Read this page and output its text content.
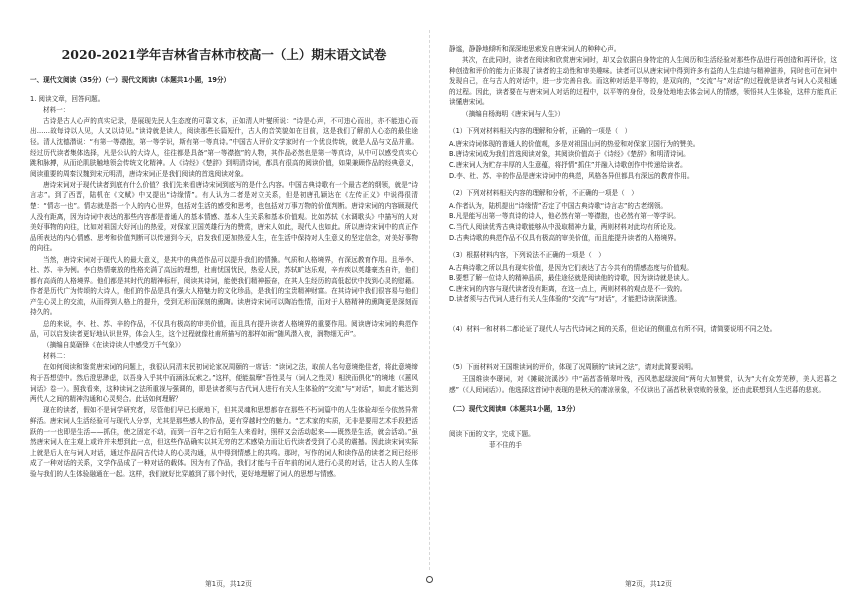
2020-2021学年吉林省吉林市校高一（上）期末语文试卷

一、现代文阅读（35分）（一）现代文阅读Ⅰ（本题共1小题，19分）

1. 阅读文章，回答问题。

材料一：

古诗是古人心声的真实记录，是展现先民人生态度的可靠文本，正如清人叶燮所说：“诗是心声，不可违心而出，亦不能违心而出……故每诗以人见，人又以诗见。”读诗就是读人，阅读那些长篇短什，古人的音笑貌如在目前，这是我们了解前人心态的最佳途径。清人沈德潜说：“有第一等襟抱，第一等学识，斯有第一等真诗。”中国古人评价文学家时有一个优良传统，就是人品与文品并重。经过历代读者集体选择，凡是公认的大诗人，往往都是具备“第一等襟抱”的人物，其作品必然也是第一等真诗，从中可以感受真实心跳和脉搏，从而论肌肤触地领会传统文化精神。人《诗经》《楚辞》到明清诗词，都具有很高的阅读价值，如果兼顾作品的经典意义，阅读重要的周秦汉魏到宋元明清，唐诗宋词正是我们阅读的首选阅读对象。

唐诗宋词对于现代读者到底有什么价值？我们先来看唐诗宋词到底写的是什么内容。中国古典诗歌有一个最古老的纲领，就是“诗言志”。到了西晋，陆机在《文赋》中又提出“诗缘情”。有人认为二者是对立关系，但是初唐孔颖达在《左传正义》中说得很清楚：“情志一也”。情志就是指一个人的内心世界，包括对生活的感受和思考，也包括对万事万物的价值判断。唐诗宋词的内容顾现代人没有距离，因为诗词中表达的那些内容都是普通人的基本情感、基本人生关系和基本价值观。比如苏轼《水调歌头》中描写的人对美好事物的向往，比如对祖国大好河山的热爱，对保家卫国英雄行为的赞赏，唐宋人如此，现代人也如此。所以唐诗宋词中的真正作品所表达的内心情感、思考和价值判断可以传递到今天，启发我们更加热爱人生，在生活中保持对人生意义的坚定信念，对美好事物的向往。

当然，唐诗宋词对于现代人的最大意义，是其中的典范作品可以提升我们的情操。气质和人格境界，有深远教育作用。且举李、杜、苏、辛为例。李白热情豪放的性格充满了高远的理想，杜甫忧国忧民，热爱人民，苏轼旷达乐观，辛弃疾以英雄豪杰自许，他们都有高尚的人格境界。他们都是其时代的精神标杆，阅读其诗词，能使我们精神振奋，在其人生经历的高低起伏中找到心灵的慰藉。作者是历代广为传颂的大诗人，他们的作品是具有强大人格魅力的文化珍品，是我们的宝贵精神财富。在其诗词中我们很容易与他们产生心灵上的交流，从而得到人格上的提升，受到无形而深刻的熏陶。读唐诗宋词可以陶冶性情，而对于人格精神的熏陶更是深刻而持久的。

总的来说，李、杜、苏、辛的作品，不仅具有极高的审美价值，而且具有提升读者人格境界的重要作用。阅读唐诗宋词的典范作品，可以启发读者更好地认识世界，体会人生，这个过程就像杜甫所描写的那样如雨“随风潜入夜，润物细无声”。

（摘编自莫砺锋《在读诗读人中感受万千气象》）

材料二：

在如何阅读和鉴赏唐宋词的问题上，我很认同清末民初词论家况周颐的一席话：“读词之法，取前人名句意境绝佳者，将此意境缔构于吾想望中。然后澄思渺虑，以吾身入乎其中而涵泳玩索之。”这样，便能揣摩“吾性灵与（词人之性灵）相浃而俱化”的境地（《蕙风词话》卷一）。照我看来，这种读词之法所重视与强调的，即是读者须与古代词人进行有关人生体验的“交流”与“对话”，如此才能达到两代人之间的精神沟通和心灵契合。此话如何理解？

现在的读者，假如不是词学研究者，尽管他们早已长眠地下，但其灵魂和思想都存在那些不朽词篇中的人生体验却至今依然异常鲜活。唐宋词人生活经验可与现代人分享，尤其是那些感人的作品，更有穿越时空的魅力。“艺术家的实质，无非是要用艺术手段把活跃的一一也即是生活——抓住，使之固定不动，而到一百年之后有陌生人来看时，照样又会活动起来——既然是生活，就会活动。”虽然唐宋词人在主观上或许并未想到此一点，但这些作品确实以其无穷的艺术感染力而让后代读者受到了心灵的震撼。因此读宋词实际上就是后人在与词人对话，通过作品同古代诗人的心灵沟通，从中得到情感上的共鸣。那时，写作的词人和读作品的读者之间已经形成了一种对话的关系，文学作品成了一种对话的载体。因为有了作品，我们才能与千百年前的词人进行心灵的对话，让古人的人生体验与我们的人生体验融通在一起。这样，我们就好比穿越到了那个时代，更好地理解了词人的思想与情感。

静谧，静静地倾听和深深地思索发自唐宋词人的种种心声。

其次，在此同时，读者在阅读和欣赏唐宋词时，却又会依据自身特定的人生阅历和生活经验对那些作品进行再创造和再评价，这种创造和评价的能力正体现了读者的主动性和审美趣味。读者可以从唐宋词中得到许多有益的人生启迪与精神滋养，同时也可在词中发现自己，在与古人的对话中，进一步完善自我。而这种对话是平等的，是双向的，“交流”与“对话”的过程就是读者与词人心灵相通的过程。因此，读者要在与唐宋词人对话的过程中，以平等的身份，设身处地地去体会词人的情感，领悟其人生体验，这样方能真正读懂唐宋词。

（摘编自杨海明《唐宋词与人生》）

（1）下列对材料相关内容的理解和分析，正确的一项是（　）

A.唐宋诗词体现的普通人的价值观，多是对祖国山河的热爱和对保家卫国行为的赞美。

B.唐诗宋词成为我们首选阅读对象，其阅读价值高于《诗经》《楚辞》和明清诗词。

C.唐宋词人为贮存丰厚的人生意蕴，将抒情“抓住”并融入诗歌创作中传递给读者。

D.李、杜、苏、辛的作品是唐宋诗词中的典范，风格各异但都具有深远的教育作用。

（2）下列对材料相关内容的理解和分析，不正确的一项是（　）

A.作者认为，陆机提出“诗缘情”否定了中国古典诗歌“诗言志”的古老纲领。

B.凡是能写出第一等真诗的诗人，他必然有第一等襟抱，也必然有第一等学识。

C.当代人阅读优秀古典诗歌能够从中汲取精神力量，两则材料对此均有所论及。

D.古典诗歌的典范作品不仅具有极高的审美价值，而且能提升读者的人格境界。

（3）根据材料内容，下列说法不正确的一项是（　）

A.古典诗歌之所以具有现实价值，是因为它们表达了古今共有的情感态度与价值观。

B.要想了解一位诗人的精神品质，最佳途径就是阅读他的诗歌，因为读诗就是读人。

C.唐宋词的内容与现代读者没有距离，在这一点上，两则材料的观点是不一致的。

D.读者须与古代词人进行有关人生体验的“交流”与“对话”，才能把诗读深读透。

（4）材料一和材料二都论证了现代人与古代诗词之间的关系，但论证的侧重点有所不同，请简要说明不同之处。

（5）下面材料对王国维读词的评价，体现了况周颐的“读词之法”，请对此简要说明。

王国维读李璟词，对《摊破浣溪沙》中“菡萏香销翠叶残，西风愁起绿波间”两句大加赞赏，认为“大有众芳芜秽，美人迟暮之感”（《人间词话》）。他选择这首词中表现的是秋天的凄凉景象，不仅读出了菡萏秋景衰败的景象，还由此联想到人生迟暮的悲哀。

（二）现代文阅读Ⅱ（本题共1小题，13分）

阅读下面的文字，完成下题。

菲不住的手

第1页，共12页	第2页，共12页
